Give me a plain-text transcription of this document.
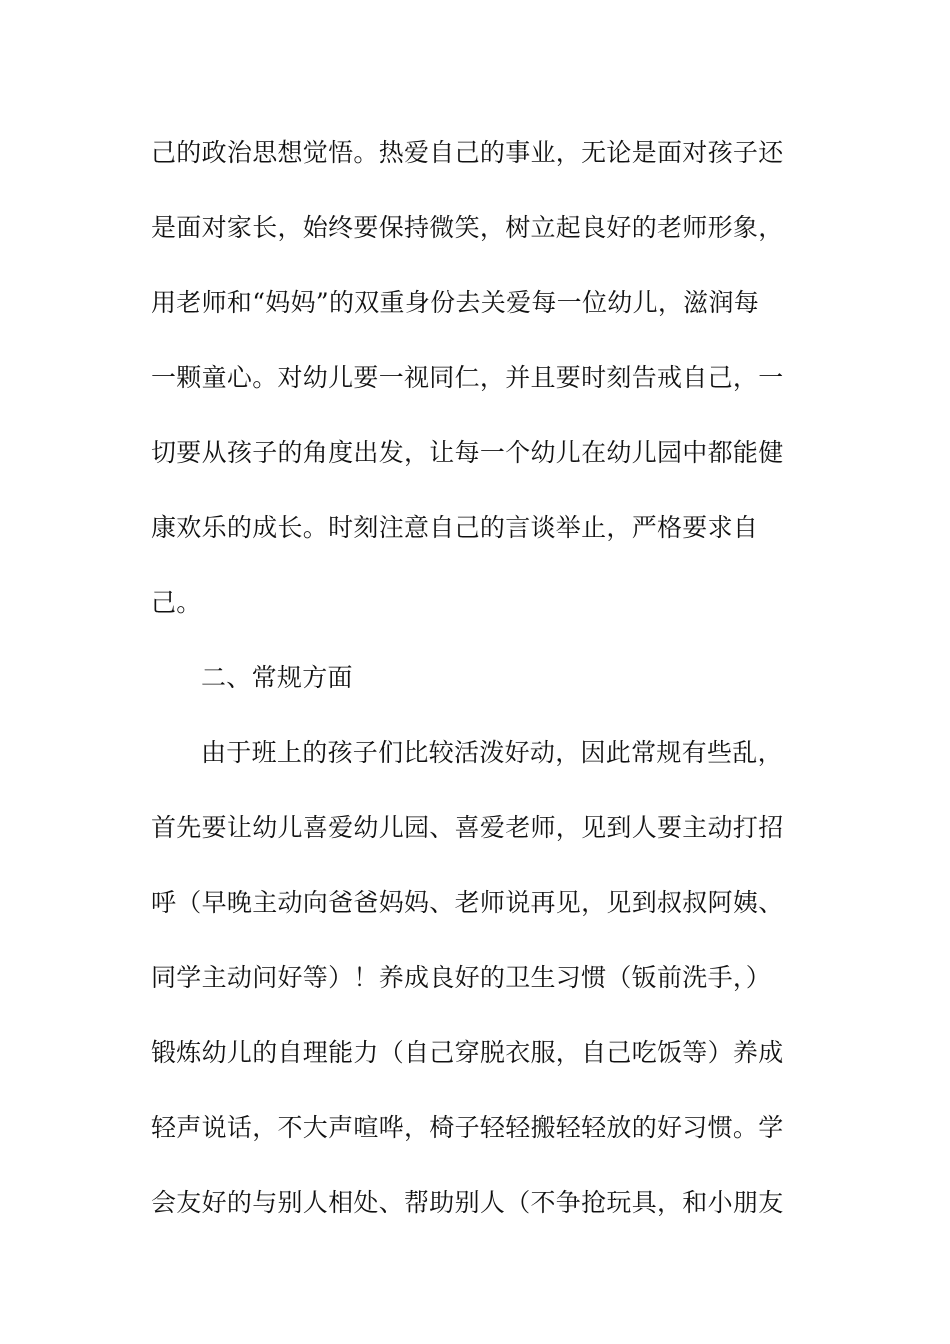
己的政治思想觉悟。热爱自己的事业，无论是面对孩子还
是面对家长，始终要保持微笑，树立起良好的老师形象，
用老师和“妈妈”的双重身份去关爱每一位幼儿，滋润每
一颗童心。对幼儿要一视同仁，并且要时刻告戒自己，一
切要从孩子的角度出发，让每一个幼儿在幼儿园中都能健
康欢乐的成长。时刻注意自己的言谈举止，严格要求自
己。
二、常规方面
由于班上的孩子们比较活泼好动，因此常规有些乱，
首先要让幼儿喜爱幼儿园、喜爱老师，见到人要主动打招
呼（早晚主动向爸爸妈妈、老师说再见，见到叔叔阿姨、
同学主动问好等）！养成良好的卫生习惯（钣前洗手，）
锻炼幼儿的自理能力（自己穿脱衣服，自己吃饭等）养成
轻声说话，不大声喧哗，椅子轻轻搬轻轻放的好习惯。学
会友好的与别人相处、帮助别人（不争抢玩具，和小朋友
